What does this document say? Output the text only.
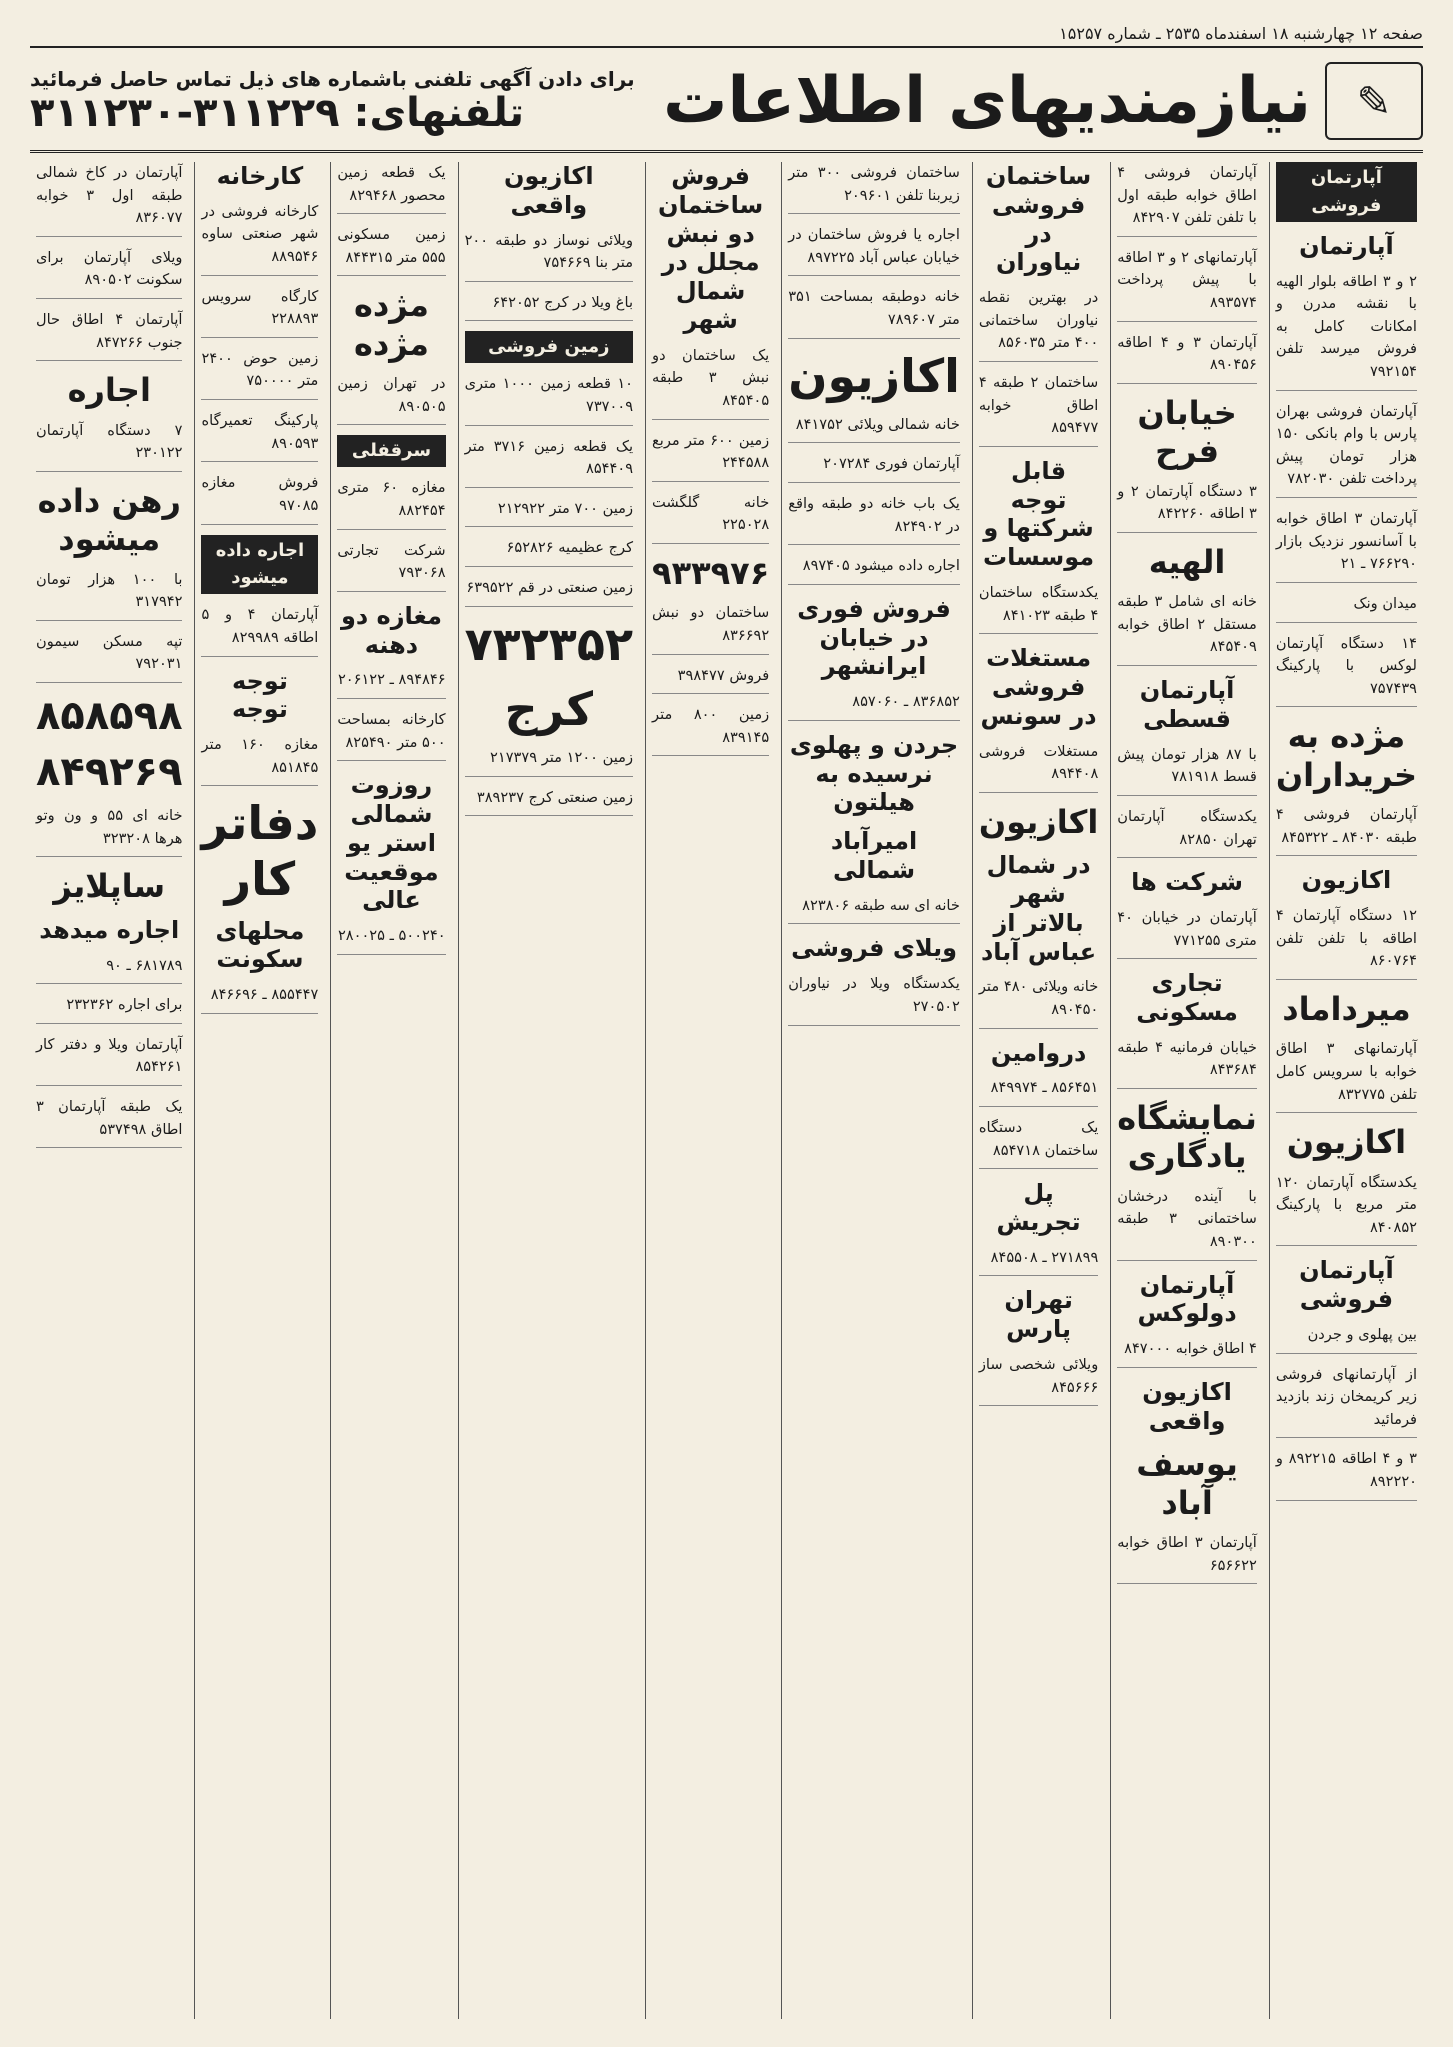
صفحه ۱۲ چهارشنبه ۱۸ اسفندماه ۲۵۳۵ ـ شماره ۱۵۲۵۷
✎
نیازمندیهای اطلاعات
برای دادن آگهی تلفنی باشماره های ذیل تماس حاصل فرمائید
تلفنهای: ۳۱۱۲۲۹-۳۱۱۲۳۰
آپارتمان فروشی
آپارتمان
۲ و ۳ اطاقه بلوار الهیه با نقشه مدرن و امکانات کامل به فروش میرسد تلفن ۷۹۲۱۵۴
آپارتمان فروشی بهران پارس با وام بانکی ۱۵۰ هزار تومان پیش پرداخت تلفن ۷۸۲۰۳۰
آپارتمان ۳ اطاق خوابه با آسانسور نزدیک بازار ۷۶۶۲۹۰ ـ ۲۱
میدان ونک
۱۴ دستگاه آپارتمان لوکس با پارکینگ ۷۵۷۴۳۹
مژده به خریداران
آپارتمان فروشی ۴ طبقه ۸۴۰۳۰ ـ ۸۴۵۳۲۲
اکازیون
۱۲ دستگاه آپارتمان ۴ اطاقه با تلفن تلفن ۸۶۰۷۶۴
میرداماد
آپارتمانهای ۳ اطاق خوابه با سرویس کامل تلفن ۸۳۲۷۷۵
اکازیون
یکدستگاه آپارتمان ۱۲۰ متر مربع با پارکینگ ۸۴۰۸۵۲
آپارتمان فروشی
بین پهلوی و جردن
از آپارتمانهای فروشی زیر کریمخان زند بازدید فرمائید
۳ و ۴ اطاقه ۸۹۲۲۱۵ و ۸۹۲۲۲۰
آپارتمان فروشی ۴ اطاق خوابه طبقه اول با تلفن تلفن ۸۴۲۹۰۷
آپارتمانهای ۲ و ۳ اطاقه با پیش پرداخت ۸۹۳۵۷۴
آپارتمان ۳ و ۴ اطاقه ۸۹۰۴۵۶
خیابان فرح
۳ دستگاه آپارتمان ۲ و ۳ اطاقه ۸۴۲۲۶۰
الهیه
خانه ای شامل ۳ طبقه مستقل ۲ اطاق خوابه ۸۴۵۴۰۹
آپارتمان قسطی
با ۸۷ هزار تومان پیش قسط ۷۸۱۹۱۸
یکدستگاه آپارتمان تهران ۸۲۸۵۰
شرکت ها
آپارتمان در خیابان ۴۰ متری ۷۷۱۲۵۵
تجاری مسکونی
خیابان فرمانیه ۴ طبقه ۸۴۳۶۸۴
نمایشگاه یادگاری
با آینده درخشان ساختمانی ۳ طبقه ۸۹۰۳۰۰
آپارتمان دولوکس
۴ اطاق خوابه ۸۴۷۰۰۰
اکازیون واقعی
یوسف آباد
آپارتمان ۳ اطاق خوابه ۶۵۶۶۲۲
ساختمان فروشی در نیاوران
در بهترین نقطه نیاوران ساختمانی ۴۰۰ متر ۸۵۶۰۳۵
ساختمان ۲ طبقه ۴ اطاق خوابه ۸۵۹۴۷۷
قابل توجه شرکتها و موسسات
یکدستگاه ساختمان ۴ طبقه ۸۴۱۰۲۳
مستغلات فروشی در سونس
مستغلات فروشی ۸۹۴۴۰۸
اکازیون
در شمال شهر بالاتر از عباس آباد
خانه ویلائی ۴۸۰ متر ۸۹۰۴۵۰
دروامین
۸۵۶۴۵۱ ـ ۸۴۹۹۷۴
یک دستگاه ساختمان ۸۵۴۷۱۸
پل تجریش
۲۷۱۸۹۹ ـ ۸۴۵۵۰۸
تهران پارس
ویلائی شخصی ساز ۸۴۵۶۶۶
ساختمان فروشی ۳۰۰ متر زیربنا تلفن ۲۰۹۶۰۱
اجاره یا فروش ساختمان در خیابان عباس آباد ۸۹۷۲۲۵
خانه دوطبقه بمساحت ۳۵۱ متر ۷۸۹۶۰۷
اکازیون
خانه شمالی ویلائی ۸۴۱۷۵۲
آپارتمان فوری ۲۰۷۲۸۴
یک باب خانه دو طبقه واقع در ۸۲۴۹۰۲
اجاره داده میشود ۸۹۷۴۰۵
فروش فوری در خیابان ایرانشهر
۸۳۶۸۵۲ ـ ۸۵۷۰۶۰
جردن و پهلوی نرسیده به هیلتون
امیرآباد شمالی
خانه ای سه طبقه ۸۲۳۸۰۶
ویلای فروشی
یکدستگاه ویلا در نیاوران ۲۷۰۵۰۲
فروش ساختمان دو نبش مجلل در شمال شهر
یک ساختمان دو نبش ۳ طبقه ۸۴۵۴۰۵
زمین ۶۰۰ متر مربع ۲۴۴۵۸۸
خانه گلگشت ۲۲۵۰۲۸
۹۳۳۹۷۶
ساختمان دو نبش ۸۳۶۶۹۲
فروش ۳۹۸۴۷۷
زمین ۸۰۰ متر ۸۳۹۱۴۵
اکازیون واقعی
ویلائی نوساز دو طبقه ۲۰۰ متر بنا ۷۵۴۶۶۹
باغ ویلا در کرج ۶۴۲۰۵۲
زمین فروشی
۱۰ قطعه زمین ۱۰۰۰ متری ۷۳۷۰۰۹
یک قطعه زمین ۳۷۱۶ متر ۸۵۴۴۰۹
زمین ۷۰۰ متر ۲۱۲۹۲۲
کرج عظیمیه ۶۵۲۸۲۶
زمین صنعتی در قم ۶۳۹۵۲۲
۷۳۲۳۵۲
کرج
زمین ۱۲۰۰ متر ۲۱۷۳۷۹
زمین صنعتی کرج ۳۸۹۲۳۷
یک قطعه زمین محصور ۸۲۹۴۶۸
زمین مسکونی ۵۵۵ متر ۸۴۴۳۱۵
مژده مژده
در تهران زمین ۸۹۰۵۰۵
سرقفلی
مغازه ۶۰ متری ۸۸۲۴۵۴
شرکت تجارتی ۷۹۳۰۶۸
مغازه دو دهنه
۸۹۴۸۴۶ ـ ۲۰۶۱۲۲
کارخانه بمساحت ۵۰۰ متر ۸۲۵۴۹۰
روزوت شمالی استر یو موقعیت عالی
۵۰۰۲۴۰ ـ ۲۸۰۰۲۵
کارخانه
کارخانه فروشی در شهر صنعتی ساوه ۸۸۹۵۴۶
کارگاه سرویس ۲۲۸۸۹۳
زمین حوض ۲۴۰۰ متر ۷۵۰۰۰۰
پارکینگ تعمیرگاه ۸۹۰۵۹۳
فروش مغازه ۹۷۰۸۵
اجاره داده میشود
آپارتمان ۴ و ۵ اطاقه ۸۲۹۹۸۹
توجه توجه
مغازه ۱۶۰ متر ۸۵۱۸۴۵
دفاتر کار
محلهای سکونت
۸۵۵۴۴۷ ـ ۸۴۶۶۹۶
آپارتمان در کاخ شمالی طبقه اول ۳ خوابه ۸۳۶۰۷۷
ویلای آپارتمان برای سکونت ۸۹۰۵۰۲
آپارتمان ۴ اطاق حال جنوب ۸۴۷۲۶۶
اجاره
۷ دستگاه آپارتمان ۲۳۰۱۲۲
رهن داده میشود
با ۱۰۰ هزار تومان ۳۱۷۹۴۲
تپه مسکن سیمون ۷۹۲۰۳۱
۸۵۸۵۹۸
۸۴۹۲۶۹
خانه ای ۵۵ و ون وتو هرها ۳۲۳۲۰۸
ساپلایز
اجاره میدهد
۶۸۱۷۸۹ ـ ۹۰
برای اجاره ۲۳۲۳۶۲
آپارتمان ویلا و دفتر کار ۸۵۴۲۶۱
یک طبقه آپارتمان ۳ اطاق ۵۳۷۴۹۸
